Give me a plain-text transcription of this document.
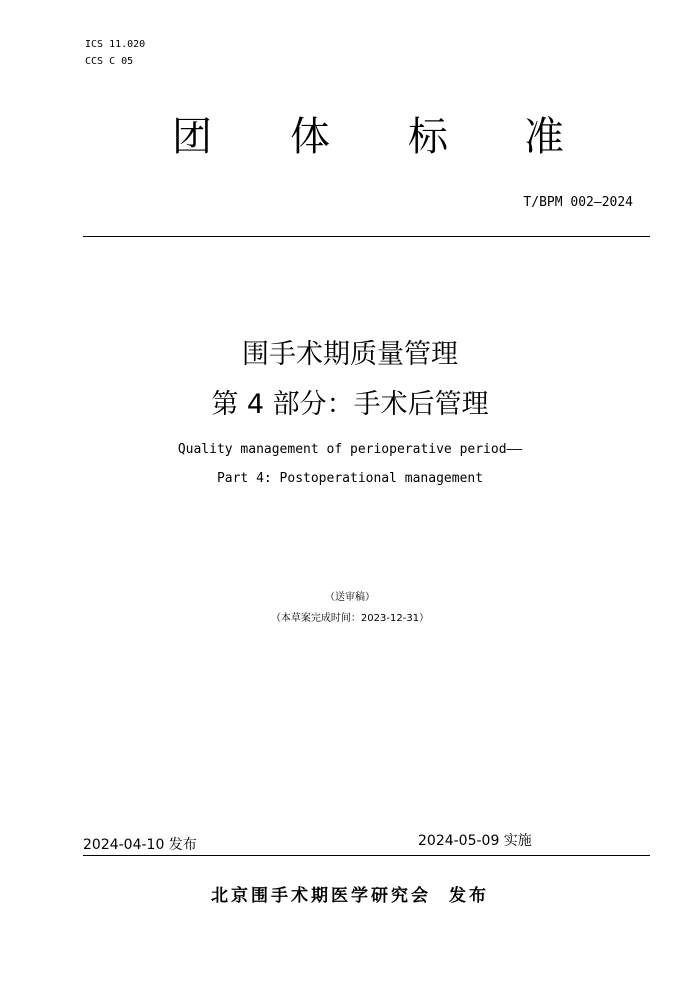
ICS 11.020
CCS C 05
团 体 标 准
T/BPM 002—2024
围手术期质量管理
第 4 部分：手术后管理
Quality management of perioperative period——
Part 4: Postoperational management
（送审稿）
（本草案完成时间：2023-12-31）
2024-04-10 发布	2024-05-09 实施
北京围手术期医学研究会 发布
